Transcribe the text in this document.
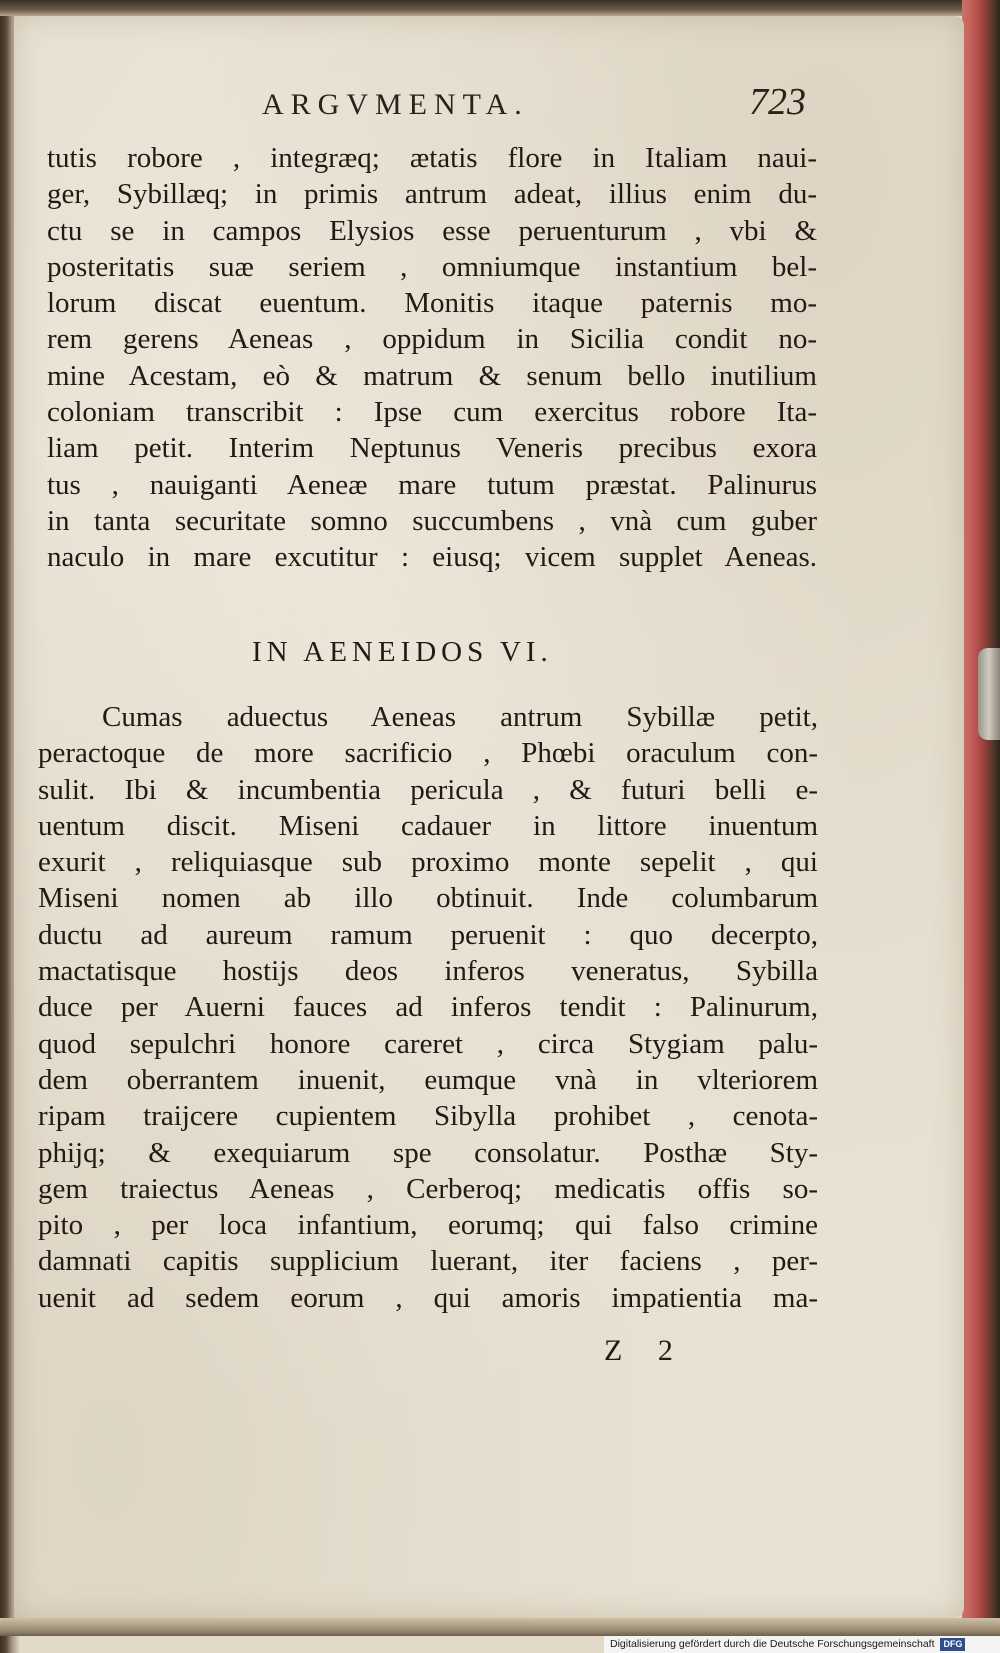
ARGVMENTA.	723
tutis robore , integræq; ætatis flore in Italiam naui-
ger, Sybillæq; in primis antrum adeat, illius enim du-
ctu se in campos Elysios esse peruenturum , vbi &
posteritatis suæ seriem , omniumque instantium bel-
lorum discat euentum. Monitis itaque paternis mo-
rem gerens Aeneas , oppidum in Sicilia condit no-
mine Acestam, eò & matrum & senum bello inutilium
coloniam transcribit : Ipse cum exercitus robore Ita-
liam petit. Interim Neptunus Veneris precibus exora
tus , nauiganti Aeneæ mare tutum præstat. Palinurus
in tanta securitate somno succumbens , vnà cum guber
naculo in mare excutitur : eiusq; vicem supplet Aeneas.
IN AENEIDOS VI.
Cumas aduectus Aeneas antrum Sybillæ petit,
peractoque de more sacrificio , Phœbi oraculum con-
sulit. Ibi & incumbentia pericula , & futuri belli e-
uentum discit. Miseni cadauer in littore inuentum
exurit , reliquiasque sub proximo monte sepelit , qui
Miseni nomen ab illo obtinuit. Inde columbarum
ductu ad aureum ramum peruenit : quo decerpto,
mactatisque hostijs deos inferos veneratus, Sybilla
duce per Auerni fauces ad inferos tendit : Palinurum,
quod sepulchri honore careret , circa Stygiam palu-
dem oberrantem inuenit, eumque vnà in vlteriorem
ripam traijcere cupientem Sibylla prohibet , cenota-
phijq; & exequiarum spe consolatur. Posthæ Sty-
gem traiectus Aeneas , Cerberoq; medicatis offis so-
pito , per loca infantium, eorumq; qui falso crimine
damnati capitis supplicium luerant, iter faciens , per-
uenit ad sedem eorum , qui amoris impatientia ma-
Z 2
Digitalisierung gefördert durch die Deutsche Forschungsgemeinschaft DFG
